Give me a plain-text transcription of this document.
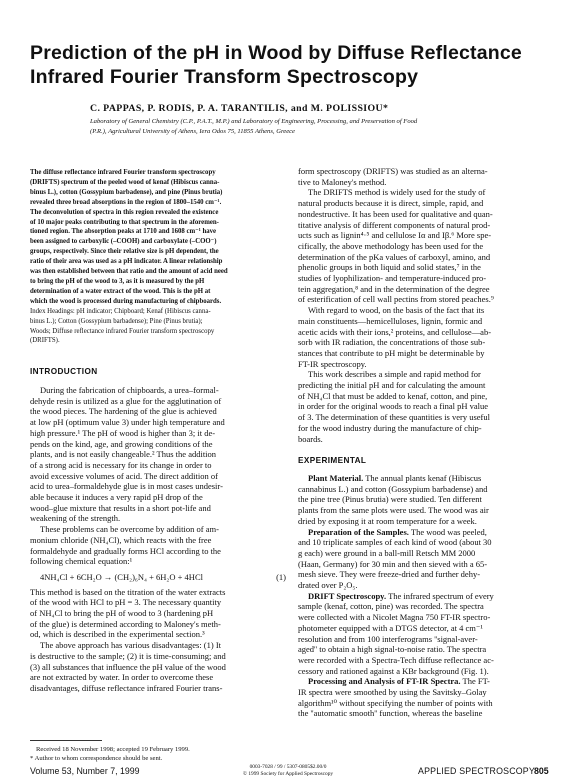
Prediction of the pH in Wood by Diffuse Reflectance
Infrared Fourier Transform Spectroscopy
C. PAPPAS, P. RODIS, P. A. TARANTILIS, and M. POLISSIOU*
Laboratory of General Chemistry (C.P., P.A.T., M.P.) and Laboratory of Engineering, Processing, and Preservation of Food
(P.R.), Agricultural University of Athens, Iera Odos 75, 11855 Athens, Greece
The diffuse reflectance infrared Fourier transform spectroscopy
(DRIFTS) spectrum of the peeled wood of kenaf (Hibiscus canna-
binus L.), cotton (Gossypium barbadense), and pine (Pinus brutia)
revealed three broad absorptions in the region of 1800–1540 cm⁻¹.
The deconvolution of spectra in this region revealed the existence
of 10 major peaks contributing to that spectrum in the aforemen-
tioned region. The absorption peaks at 1710 and 1608 cm⁻¹ have
been assigned to carboxylic (–COOH) and carboxylate (–COO⁻)
groups, respectively. Since their relative size is pH dependent, the
ratio of their area was used as a pH indicator. A linear relationship
was then established between that ratio and the amount of acid need
to bring the pH of the wood to 3, as it is measured by the pH
determination of a water extract of the wood. This is the pH at
which the wood is processed during manufacturing of chipboards.
Index Headings: pH indicator; Chipboard; Kenaf (Hibiscus canna-
binus L.); Cotton (Gossypium barbadense); Pine (Pinus brutia);
Woods; Diffuse reflectance infrared Fourier transform spectroscopy
(DRIFTS).
INTRODUCTION
During the fabrication of chipboards, a urea–formal-
dehyde resin is utilized as a glue for the agglutination of
the wood pieces. The hardening of the glue is achieved
at low pH (optimum value 3) under high temperature and
high pressure.¹ The pH of wood is higher than 3; it de-
pends on the kind, age, and growing conditions of the
plants, and is not easily changeable.² Thus the addition
of a strong acid is necessary for its change in order to
avoid excessive volumes of acid. The direct addition of
acid to urea–formaldehyde glue is in most cases undesir-
able because it induces a very rapid pH drop of the
wood–glue mixture that results in a short pot-life and
weakening of the strength.
These problems can be overcome by addition of am-
monium chloride (NH₄Cl), which reacts with the free
formaldehyde and gradually forms HCl according to the
following chemical equation:¹
4NH₄Cl + 6CH₂O → (CH₂)₆N₄ + 6H₂O + 4HCl	(1)
This method is based on the titration of the water extracts
of the wood with HCl to pH = 3. The necessary quantity
of NH₄Cl to bring the pH of wood to 3 (hardening pH
of the glue) is determined according to Maloney's meth-
od, which is described in the experimental section.³
The above approach has various disadvantages: (1) It
is destructive to the sample; (2) it is time-consuming; and
(3) all substances that influence the pH value of the wood
are not extracted by water. In order to overcome these
disadvantages, diffuse reflectance infrared Fourier trans-
Received 18 November 1998; accepted 19 February 1999.
* Author to whom correspondence should be sent.
form spectroscopy (DRIFTS) was studied as an alterna-
tive to Maloney's method.
The DRIFTS method is widely used for the study of
natural products because it is direct, simple, rapid, and
nondestructive. It has been used for qualitative and quan-
titative analysis of different components of natural prod-
ucts such as lignin⁴·⁵ and cellulose Iα and Iβ.⁶ More spe-
cifically, the above methodology has been used for the
determination of the pKa values of carboxyl, amino, and
phenolic groups in both liquid and solid states,⁷ in the
studies of lyophilization- and temperature-induced pro-
tein aggregation,⁸ and in the determination of the degree
of esterification of cell wall pectins from stored peaches.⁹
With regard to wood, on the basis of the fact that its
main constituents—hemicelluloses, lignin, formic and
acetic acids with their ions,² proteins, and cellulose—ab-
sorb with IR radiation, the concentrations of those sub-
stances that contribute to pH might be determinable by
FT-IR spectroscopy.
This work describes a simple and rapid method for
predicting the initial pH and for calculating the amount
of NH₄Cl that must be added to kenaf, cotton, and pine,
in order for the original woods to reach a final pH value
of 3. The determination of these quantities is very useful
for the wood industry during the manufacture of chip-
boards.
EXPERIMENTAL
Plant Material. The annual plants kenaf (Hibiscus
cannabinus L.) and cotton (Gossypium barbadense) and
the pine tree (Pinus brutia) were studied. Ten different
plants from the same plots were used. The wood was air
dried by exposing it at room temperature for a week.
Preparation of the Samples. The wood was peeled,
and 10 triplicate samples of each kind of wood (about 30
g each) were ground in a ball-mill Retsch MM 2000
(Haan, Germany) for 30 min and then sieved with a 65-
mesh sieve. They were freeze-dried and further dehy-
drated over P₂O₅.
DRIFT Spectroscopy. The infrared spectrum of every
sample (kenaf, cotton, pine) was recorded. The spectra
were collected with a Nicolet Magna 750 FT-IR spectro-
photometer equipped with a DTGS detector, at 4 cm⁻¹
resolution and from 100 interferograms ''signal-aver-
aged'' to obtain a high signal-to-noise ratio. The spectra
were recorded with a Spectra-Tech diffuse reflectance ac-
cessory and rationed against a KBr background (Fig. 1).
Processing and Analysis of FT-IR Spectra. The FT-
IR spectra were smoothed by using the Savitsky–Golay
algorithm¹⁰ without specifying the number of points with
the ''automatic smooth'' function, whereas the baseline
Volume 53, Number 7, 1999	0003-7028 / 99 / 5307-0805$2.00/0
© 1999 Society for Applied Spectroscopy	APPLIED SPECTROSCOPY 805
